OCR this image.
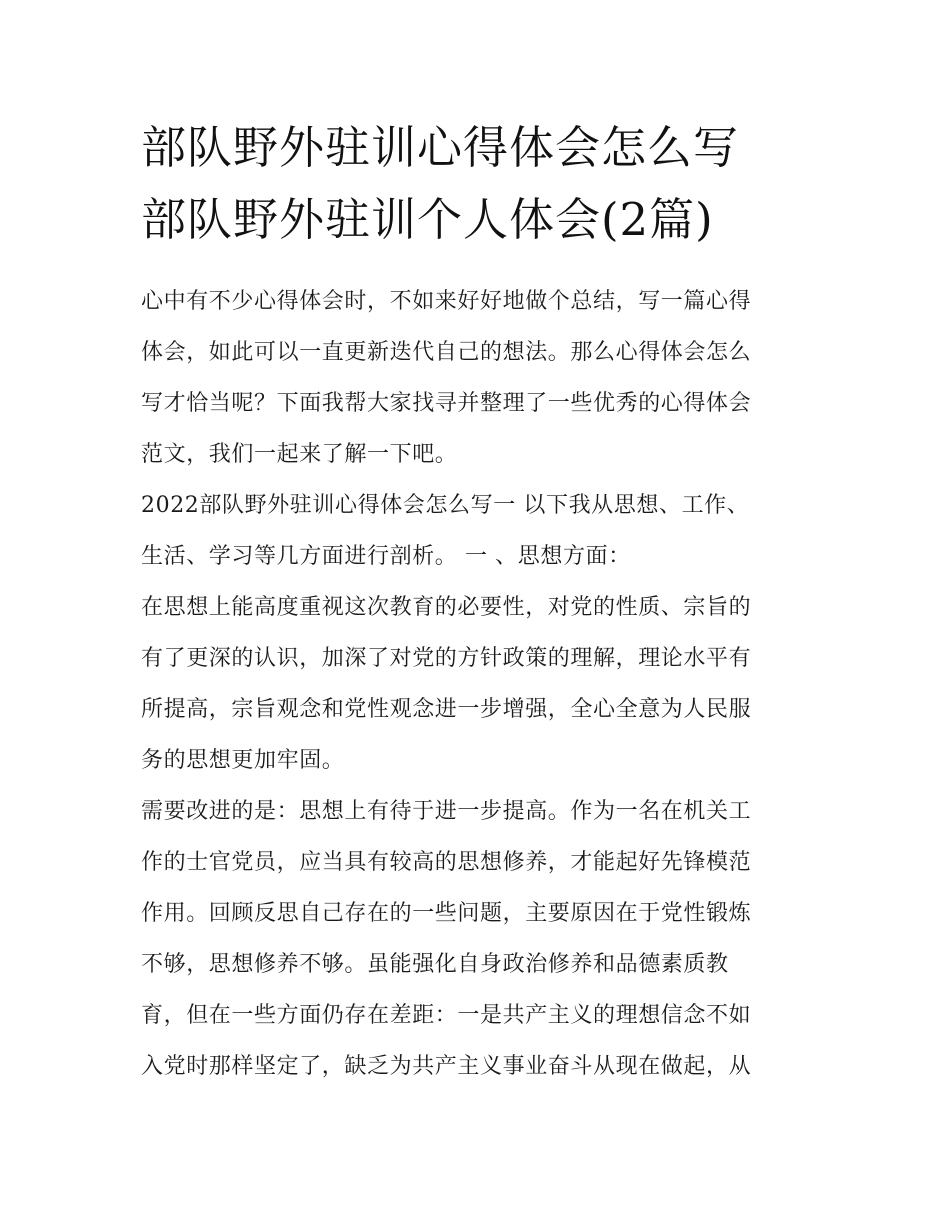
部队野外驻训心得体会怎么写
部队野外驻训个人体会(2篇)
心中有不少心得体会时，不如来好好地做个总结，写一篇心得
体会，如此可以一直更新迭代自己的想法。那么心得体会怎么
写才恰当呢？下面我帮大家找寻并整理了一些优秀的心得体会
范文，我们一起来了解一下吧。
2022部队野外驻训心得体会怎么写一 以下我从思想、工作、
生活、学习等几方面进行剖析。 一 、思想方面：
在思想上能高度重视这次教育的必要性，对党的性质、宗旨的
有了更深的认识，加深了对党的方针政策的理解，理论水平有
所提高，宗旨观念和党性观念进一步增强，全心全意为人民服
务的思想更加牢固。
需要改进的是：思想上有待于进一步提高。作为一名在机关工
作的士官党员，应当具有较高的思想修养，才能起好先锋模范
作用。回顾反思自己存在的一些问题，主要原因在于党性锻炼
不够，思想修养不够。虽能强化自身政治修养和品德素质教
育，但在一些方面仍存在差距：一是共产主义的理想信念不如
入党时那样坚定了，缺乏为共产主义事业奋斗从现在做起，从
